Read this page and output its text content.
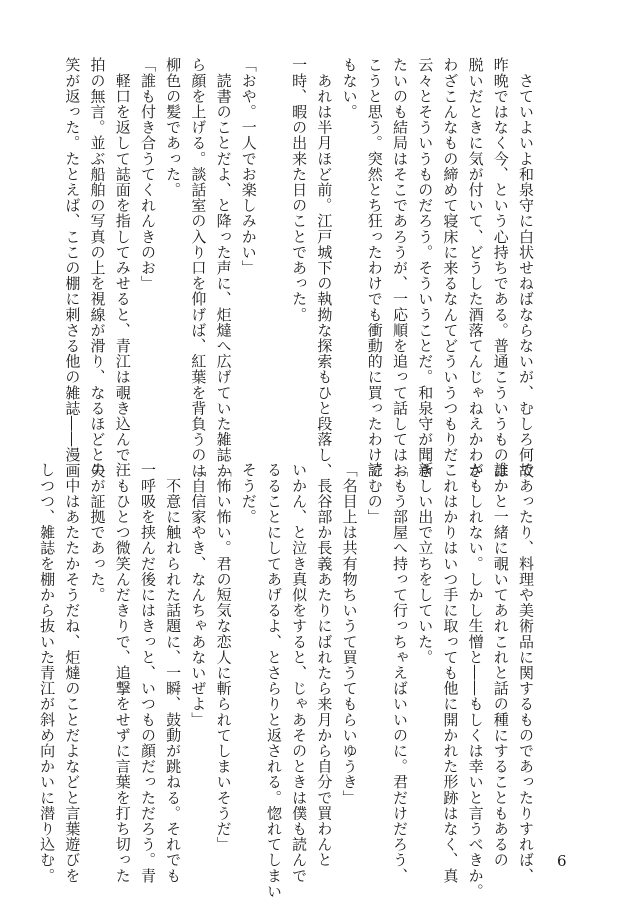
　さていよいよ和泉守に白状せねばならないが、むしろ何故

昨晩ではなく今、という心持ちである。普通こういうものは

脱いだときに気が付いて、どうした酒落てんじゃねえかわざ

わざこんなもの締めて寝床に来るなんてどういうつもりだ

云々とそういうものだろう。そういうことだ。和泉守が聞き

たいのも結局はそこであろうが、一応順を追って話してはお

こうと思う。突然とち狂ったわけでも衝動的に買ったわけで

もない。

　あれは半月ほど前。江戸城下の執拗な探索もひと段落し、

一時、暇の出来た日のことであった。

「おや。一人でお楽しみかい」

　読書のことだよ、と降った声に、炬燵へ広げていた雑誌か

ら顔を上げる。談話室の入り口を仰げば、紅葉を背負うのは

柳色の髪であった。

「誰も付き合うてくれんきのお」

　軽口を返して誌面を指してみせると、青江は覗き込んで一

拍の無言。並ぶ船舶の写真の上を視線が滑り、なるほどと失

笑が返った。たとえば、ここの棚に刺さる他の雑誌――漫画

であったり、料理や美術品に関するものであったりすれば、

誰かと一緒に覗いてあれこれと話の種にすることもあるの

かもしれない。しかし生憎と――もしくは幸いと言うべきか。

これはかりはいつ手に取っても他に開かれた形跡はなく、真

新しい出で立ちをしていた。

「もう部屋へ持って行っちゃえばいいのに。君だけだろう、

読むの」

「名目上は共有物ちいうて買うてもらいゆうき」

　長谷部か長義あたりにばれたら来月から自分で買わんと

いかん、と泣き真似をすると、じゃあそのときは僕も読んで

るることにしてあげるよ、とさらりと返される。惚れてしまい

そうだ。

「怖い怖い。君の短気な恋人に斬られてしまいそうだ」

「自信家やき、なんちゃあないぜよ」

　不意に触れられた話題に、一瞬、鼓動が跳ねる。それでも

一呼吸を挟んだ後にはきっと、いつもの顔だっただろう。青

江もひとつ微笑んだきりで、追撃をせずに言葉を打ち切った

のが証拠であった。

　中はあたたかそうだね、炬燵のことだよなどと言葉遊びを

しつつ、雑誌を棚から抜いた青江が斜め向かいに潜り込む。	6
